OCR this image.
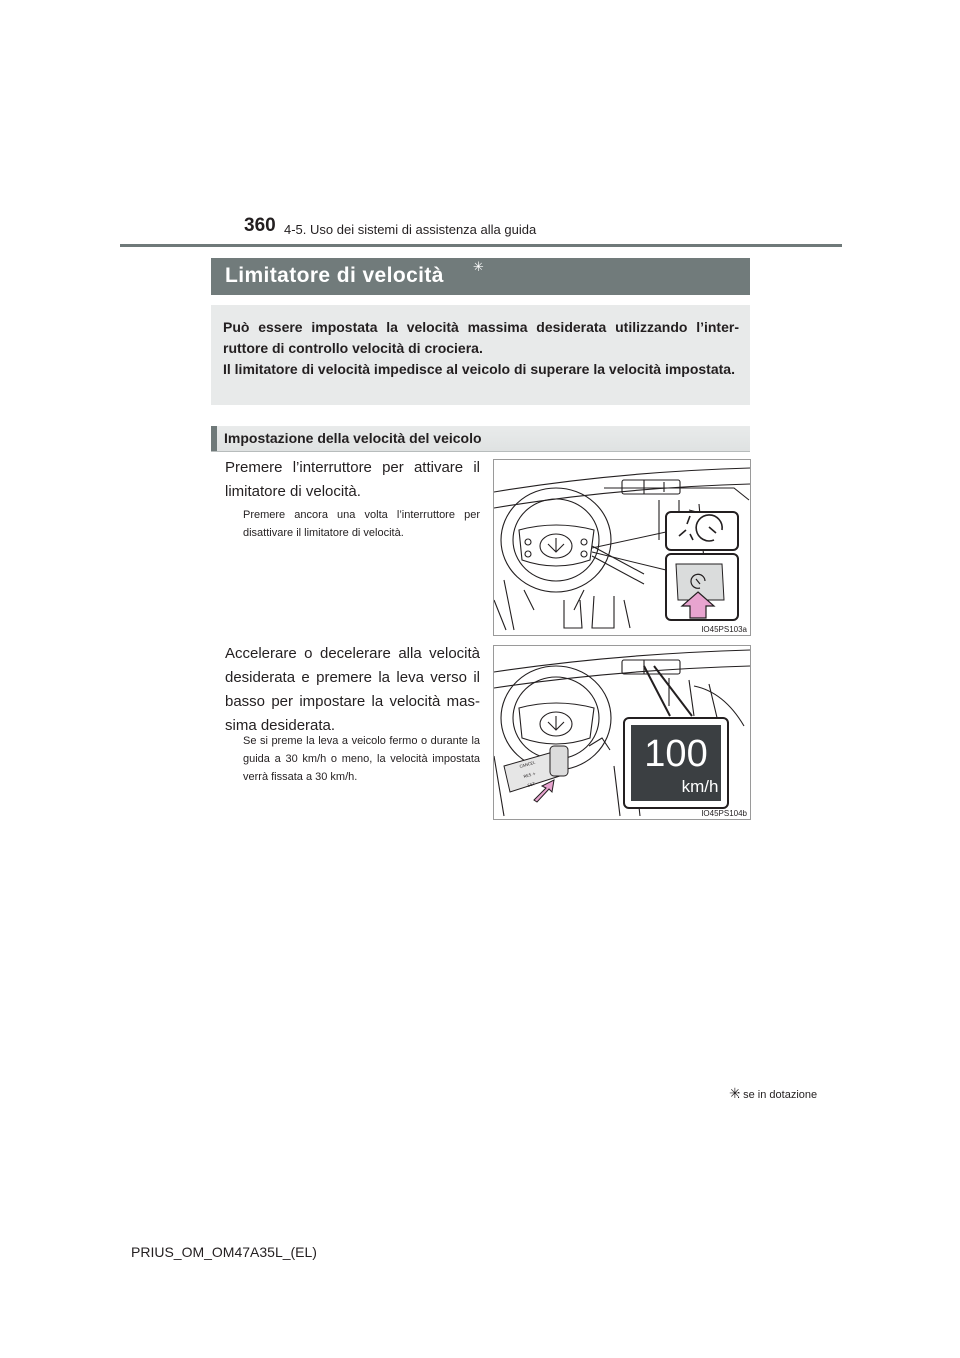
360 4-5. Uso dei sistemi di assistenza alla guida
Limitatore di velocità ✳

Può essere impostata la velocità massima desiderata utilizzando l’inter-ruttore di controllo velocità di crociera.

Il limitatore di velocità impedisce al veicolo di superare la velocità impostata.

Impostazione della velocità del veicolo
Premere l’interruttore per attivare il limitatore di velocità.
Premere ancora una volta l’interruttore per disattivare il limitatore di velocità.
IO45PS103a
Accelerare o decelerare alla velocità desiderata e premere la leva verso il basso per impostare la velocità mas-sima desiderata.
Se si preme la leva a veicolo fermo o durante la guida a 30 km/h o meno, la velocità impostata verrà fissata a 30 km/h.
CANCEL
RES +
SET -
100
km/h
IO45PS104b
✳
: se in dotazione
PRIUS_OM_OM47A35L_(EL)
